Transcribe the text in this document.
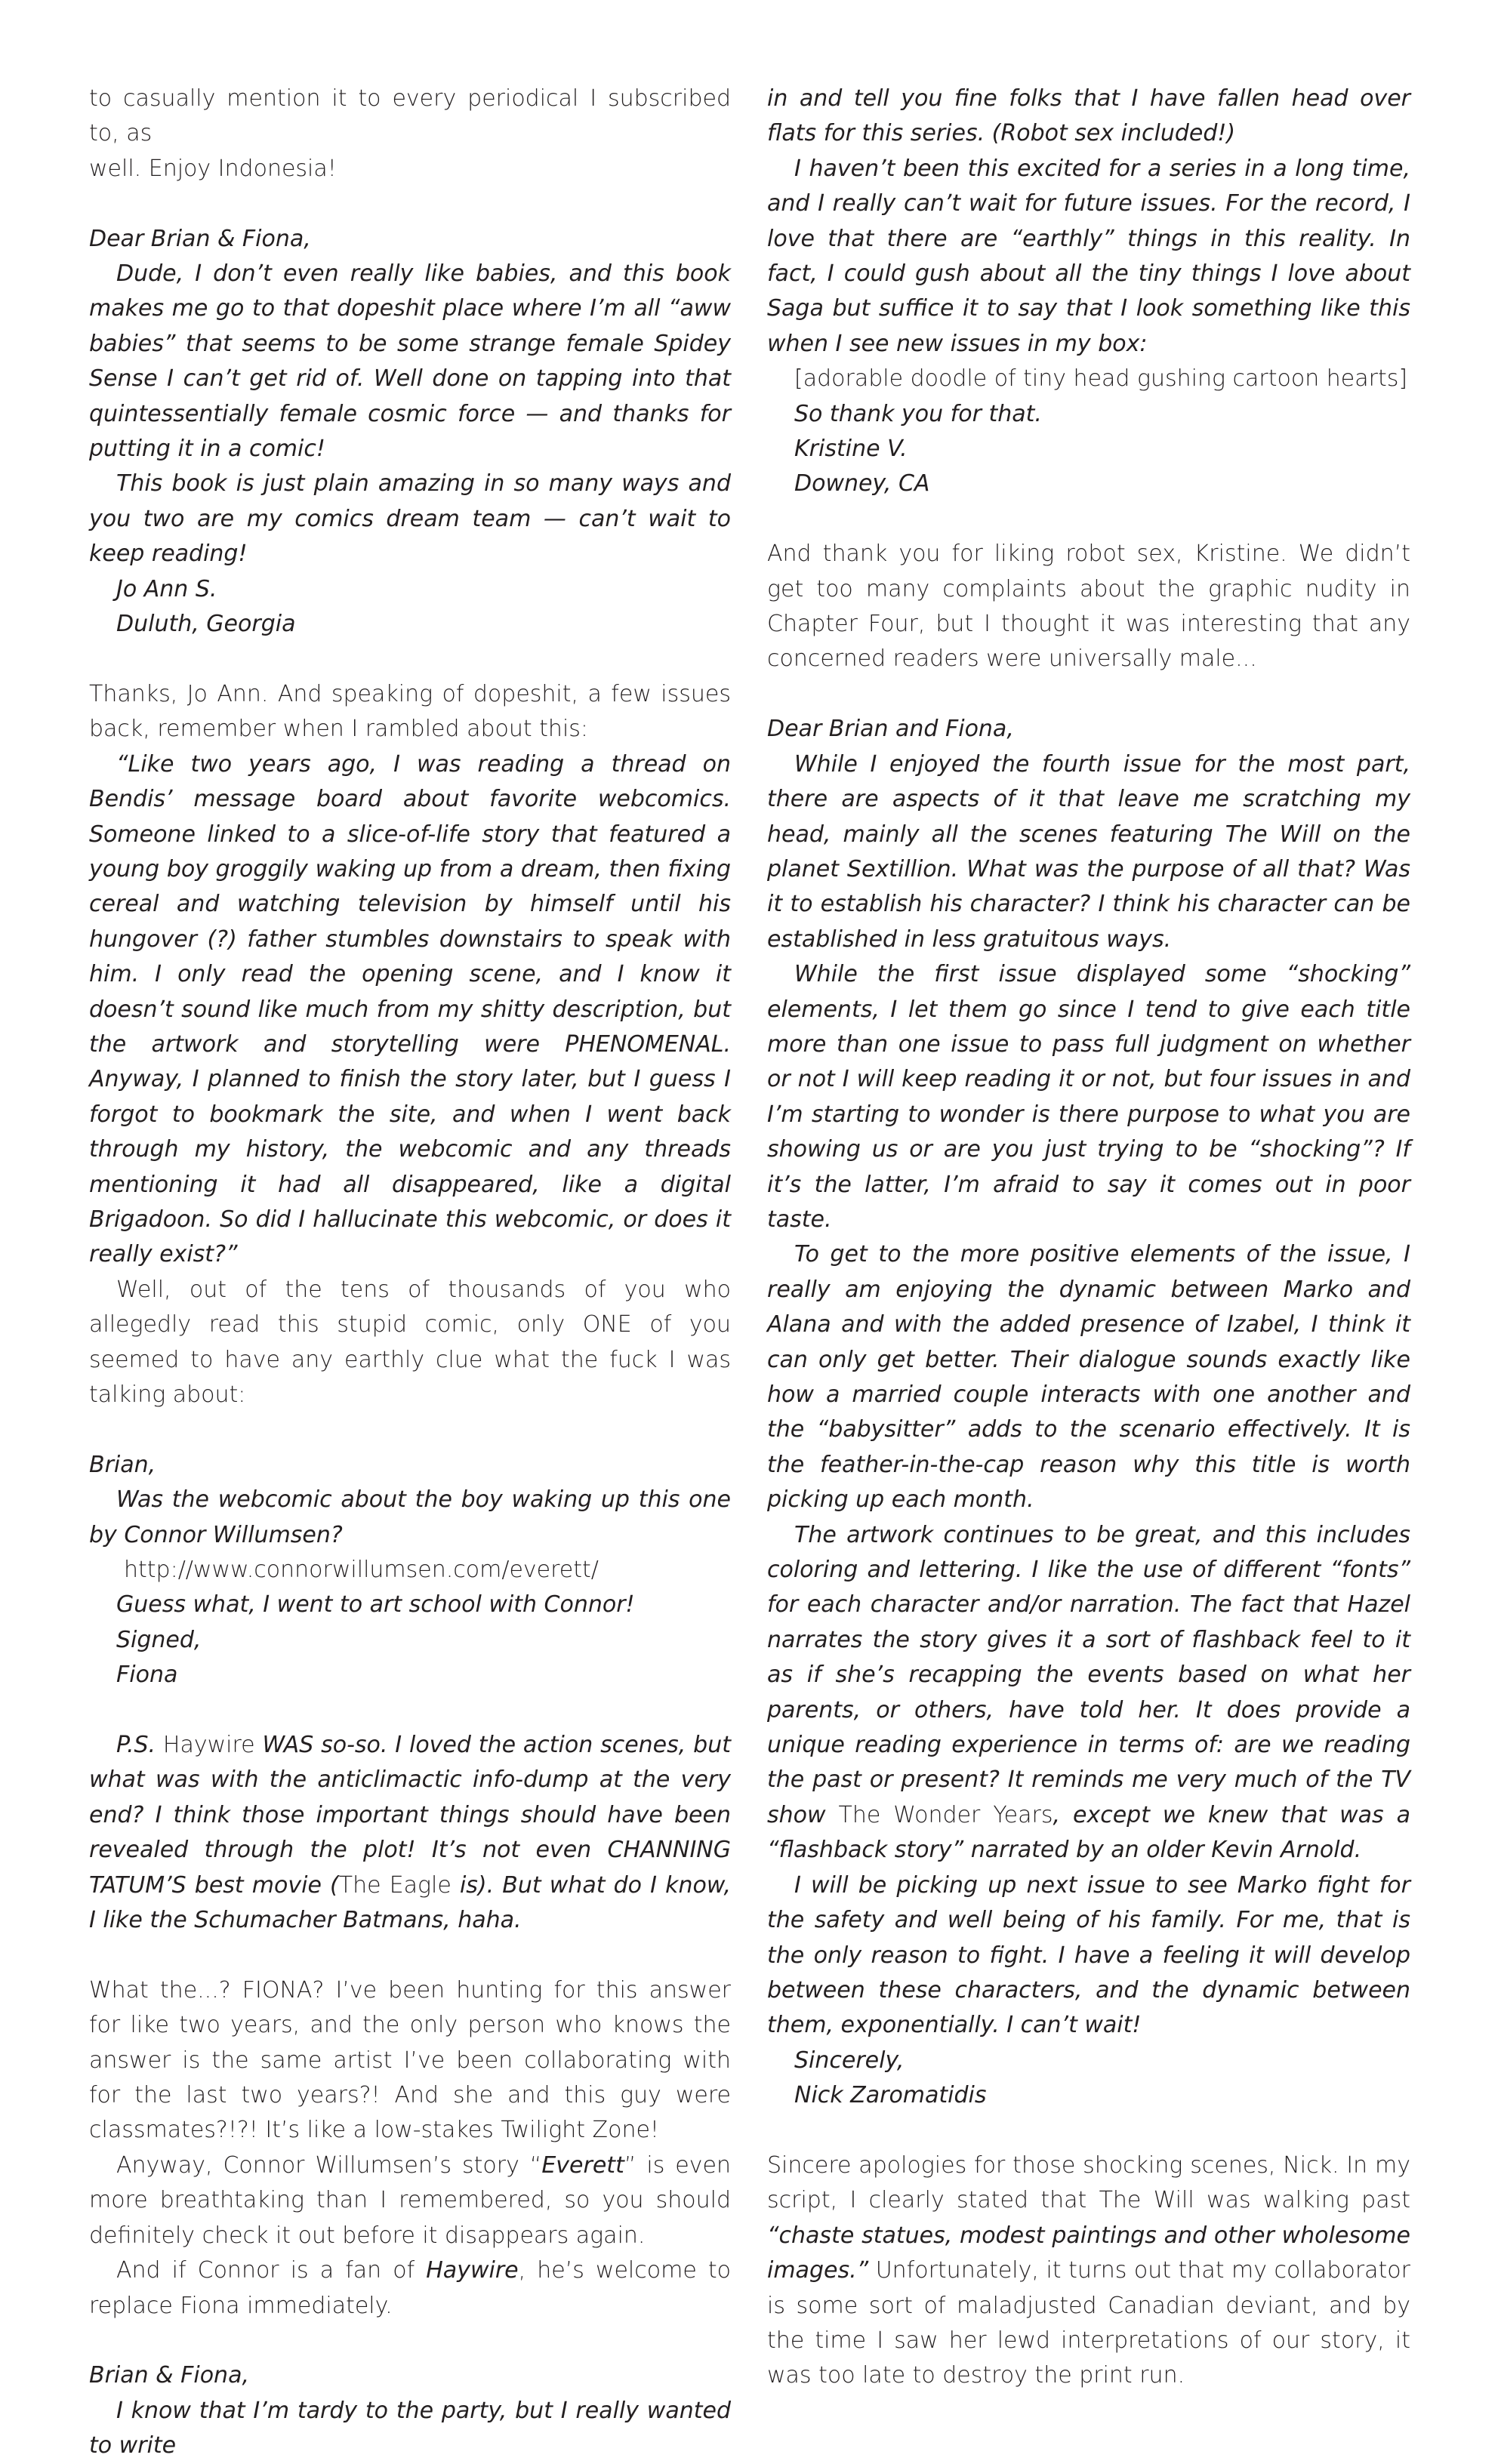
to casually mention it to every periodical I subscribed to, as

well. Enjoy Indonesia!

Dear Brian & Fiona,

Dude, I don’t even really like babies, and this book makes me go to that dopeshit place where I’m all “aww babies” that seems to be some strange female Spidey Sense I can’t get rid of. Well done on tapping into that quintessentially female cosmic force — and thanks for putting it in a comic!

This book is just plain amazing in so many ways and you two are my comics dream team — can’t wait to keep reading!

Jo Ann S.

Duluth, Georgia

Thanks, Jo Ann. And speaking of dopeshit, a few issues back, remember when I rambled about this:

“Like two years ago, I was reading a thread on Bendis’ message board about favorite webcomics. Someone linked to a slice-of-life story that featured a young boy groggily waking up from a dream, then fixing cereal and watching television by himself until his hungover (?) father stumbles downstairs to speak with him. I only read the opening scene, and I know it doesn’t sound like much from my shitty description, but the artwork and storytelling were PHENOMENAL. Anyway, I planned to finish the story later, but I guess I forgot to bookmark the site, and when I went back through my history, the webcomic and any threads mentioning it had all disappeared, like a digital Brigadoon. So did I hallucinate this webcomic, or does it really exist?”

Well, out of the tens of thousands of you who allegedly read this stupid comic, only ONE of you seemed to have any earthly clue what the fuck I was talking about:

Brian,

Was the webcomic about the boy waking up this one by Connor Willumsen?

http://www.connorwillumsen.com/everett/

Guess what, I went to art school with Connor!

Signed,

Fiona

P.S. Haywire WAS so-so. I loved the action scenes, but what was with the anticlimactic info-dump at the very end? I think those important things should have been revealed through the plot! It’s not even CHANNING TATUM’S best movie (The Eagle is). But what do I know, I like the Schumacher Batmans, haha.

What the...? FIONA? I’ve been hunting for this answer for like two years, and the only person who knows the answer is the same artist I’ve been collaborating with for the last two years?! And she and this guy were classmates?!?! It’s like a low-stakes Twilight Zone!

Anyway, Connor Willumsen’s story “Everett” is even more breathtaking than I remembered, so you should definitely check it out before it disappears again.

And if Connor is a fan of Haywire, he’s welcome to replace Fiona immediately.

Brian & Fiona,

I know that I’m tardy to the party, but I really wanted to write

in and tell you fine folks that I have fallen head over flats for this series. (Robot sex included!)

I haven’t been this excited for a series in a long time, and I really can’t wait for future issues. For the record, I love that there are “earthly” things in this reality. In fact, I could gush about all the tiny things I love about Saga but suffice it to say that I look something like this when I see new issues in my box:

[adorable doodle of tiny head gushing cartoon hearts]

So thank you for that.

Kristine V.

Downey, CA

And thank you for liking robot sex, Kristine. We didn’t get too many complaints about the graphic nudity in Chapter Four, but I thought it was interesting that any concerned readers were universally male...

Dear Brian and Fiona,

While I enjoyed the fourth issue for the most part, there are aspects of it that leave me scratching my head, mainly all the scenes featuring The Will on the planet Sextillion. What was the purpose of all that? Was it to establish his character? I think his character can be established in less gratuitous ways.

While the first issue displayed some “shocking” elements, I let them go since I tend to give each title more than one issue to pass full judgment on whether or not I will keep reading it or not, but four issues in and I’m starting to wonder is there purpose to what you are showing us or are you just trying to be “shocking”? If it’s the latter, I’m afraid to say it comes out in poor taste.

To get to the more positive elements of the issue, I really am enjoying the dynamic between Marko and Alana and with the added presence of Izabel, I think it can only get better. Their dialogue sounds exactly like how a married couple interacts with one another and the “babysitter” adds to the scenario effectively. It is the feather-in-the-cap reason why this title is worth picking up each month.

The artwork continues to be great, and this includes coloring and lettering. I like the use of different “fonts” for each character and/or narration. The fact that Hazel narrates the story gives it a sort of flashback feel to it as if she’s recapping the events based on what her parents, or others, have told her. It does provide a unique reading experience in terms of: are we reading the past or present? It reminds me very much of the TV show The Wonder Years, except we knew that was a “flashback story” narrated by an older Kevin Arnold.

I will be picking up next issue to see Marko fight for the safety and well being of his family. For me, that is the only reason to fight. I have a feeling it will develop between these characters, and the dynamic between them, exponentially. I can’t wait!

Sincerely,

Nick Zaromatidis

Sincere apologies for those shocking scenes, Nick. In my script, I clearly stated that The Will was walking past “chaste statues, modest paintings and other wholesome images.” Unfortunately, it turns out that my collaborator is some sort of maladjusted Canadian deviant, and by the time I saw her lewd interpretations of our story, it was too late to destroy the print run.
